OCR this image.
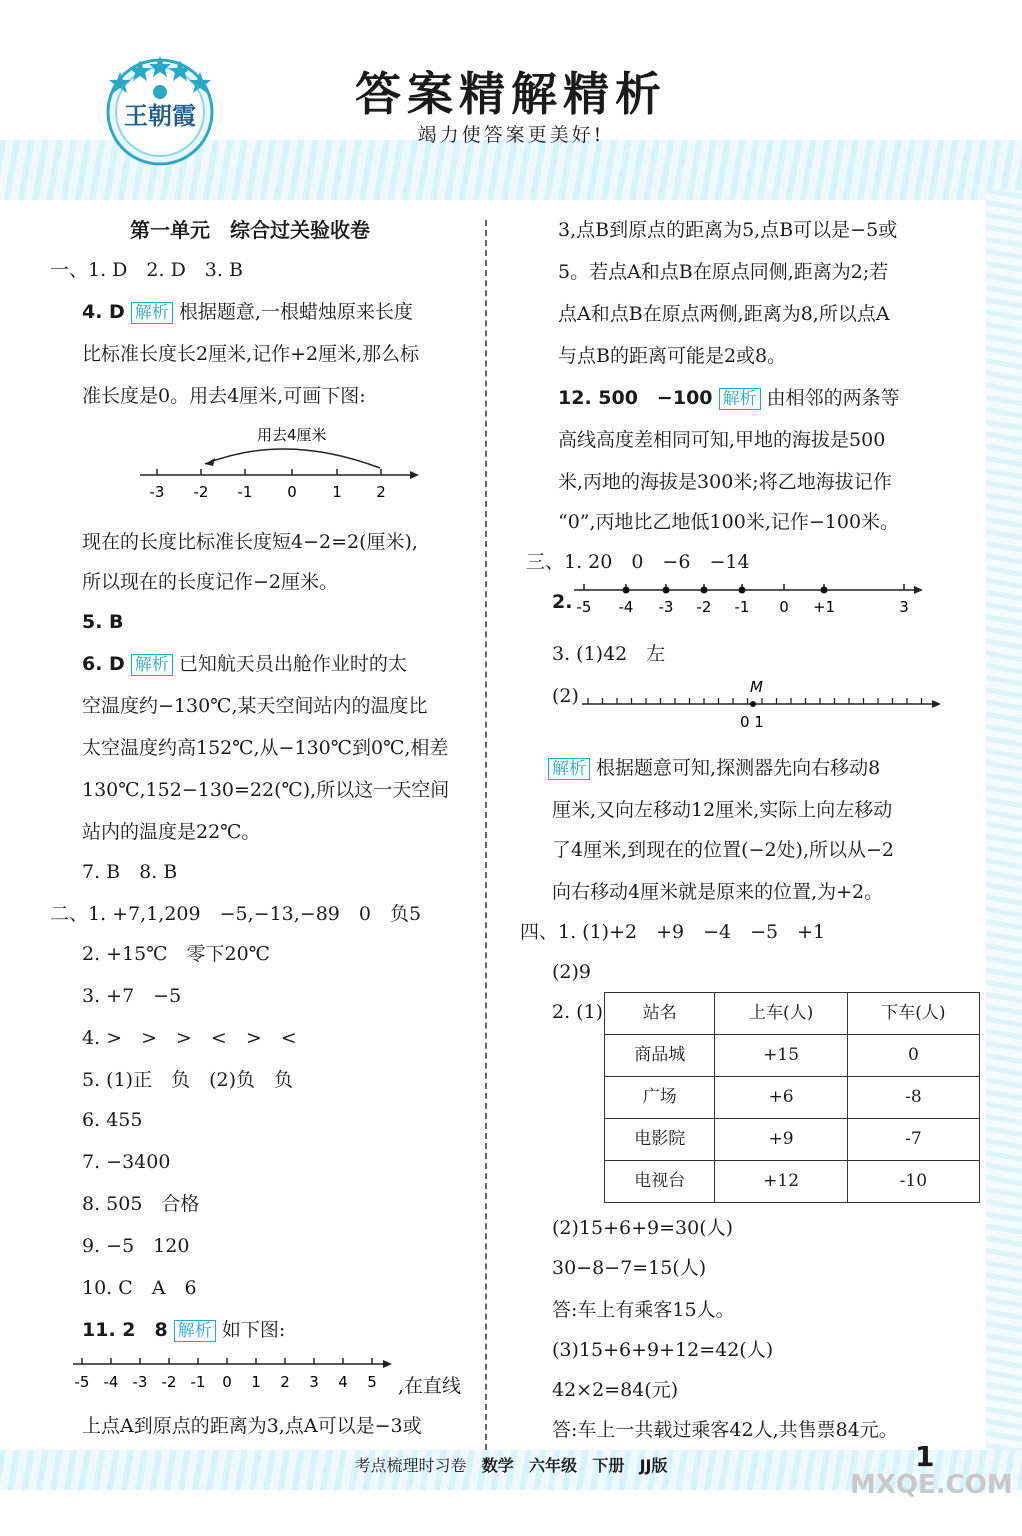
王朝霞	答案精解精析
竭力使答案更美好!
第一单元　综合过关验收卷
一、1. D　2. D　3. B
4. D 解析 根据题意,一根蜡烛原来长度
比标准长度长2厘米,记作+2厘米,那么标
准长度是0。用去4厘米,可画下图:
用去4厘米
-3 -2 -1 0 1 2
现在的长度比标准长度短4−2=2(厘米),
所以现在的长度记作−2厘米。
5. B
6. D 解析 已知航天员出舱作业时的太
空温度约−130℃,某天空间站内的温度比
太空温度约高152℃,从−130℃到0℃,相差
130℃,152−130=22(℃),所以这一天空间
站内的温度是22℃。
7. B　8. B
二、1. +7,1,209　−5,−13,−89　0　负5
2. +15℃　零下20℃
3. +7　−5
4. >　>　>　<　>　<
5. (1)正　负　(2)负　负
6. 455
7. −3400
8. 505　合格
9. −5　120
10. C　A　6
11. 2　8 解析 如下图:
-5 -4 -3 -2 -1 0 1 2 3 4 5 ,在直线
上点A到原点的距离为3,点A可以是−3或
3,点B到原点的距离为5,点B可以是−5或
5。若点A和点B在原点同侧,距离为2;若
点A和点B在原点两侧,距离为8,所以点A
与点B的距离可能是2或8。
12. 500　−100 解析 由相邻的两条等
高线高度差相同可知,甲地的海拔是500
米,丙地的海拔是300米;将乙地海拔记作
“0”,丙地比乙地低100米,记作−100米。
三、1. 20　0　−6　−14
2. -5 -4 -3 -2 -1 0 +1	3
3. (1)42　左
(2)	M
0 1
解析 根据题意可知,探测器先向右移动8
厘米,又向左移动12厘米,实际上向左移动
了4厘米,到现在的位置(−2处),所以从−2
向右移动4厘米就是原来的位置,为+2。
四、1. (1)+2　+9　−4　−5　+1
(2)9
2. (1) 站名	上车(人)	下车(人)
商品城	+15	0
广场	+6	-8
电影院	+9	-7
电视台	+12	-10
(2)15+6+9=30(人)
30−8−7=15(人)
答:车上有乘客15人。
(3)15+6+9+12=42(人)
42×2=84(元)
答:车上一共载过乘客42人,共售票84元。
考点梳理时习卷 数学 六年级 下册 JJ版	1
MXQE.COM
